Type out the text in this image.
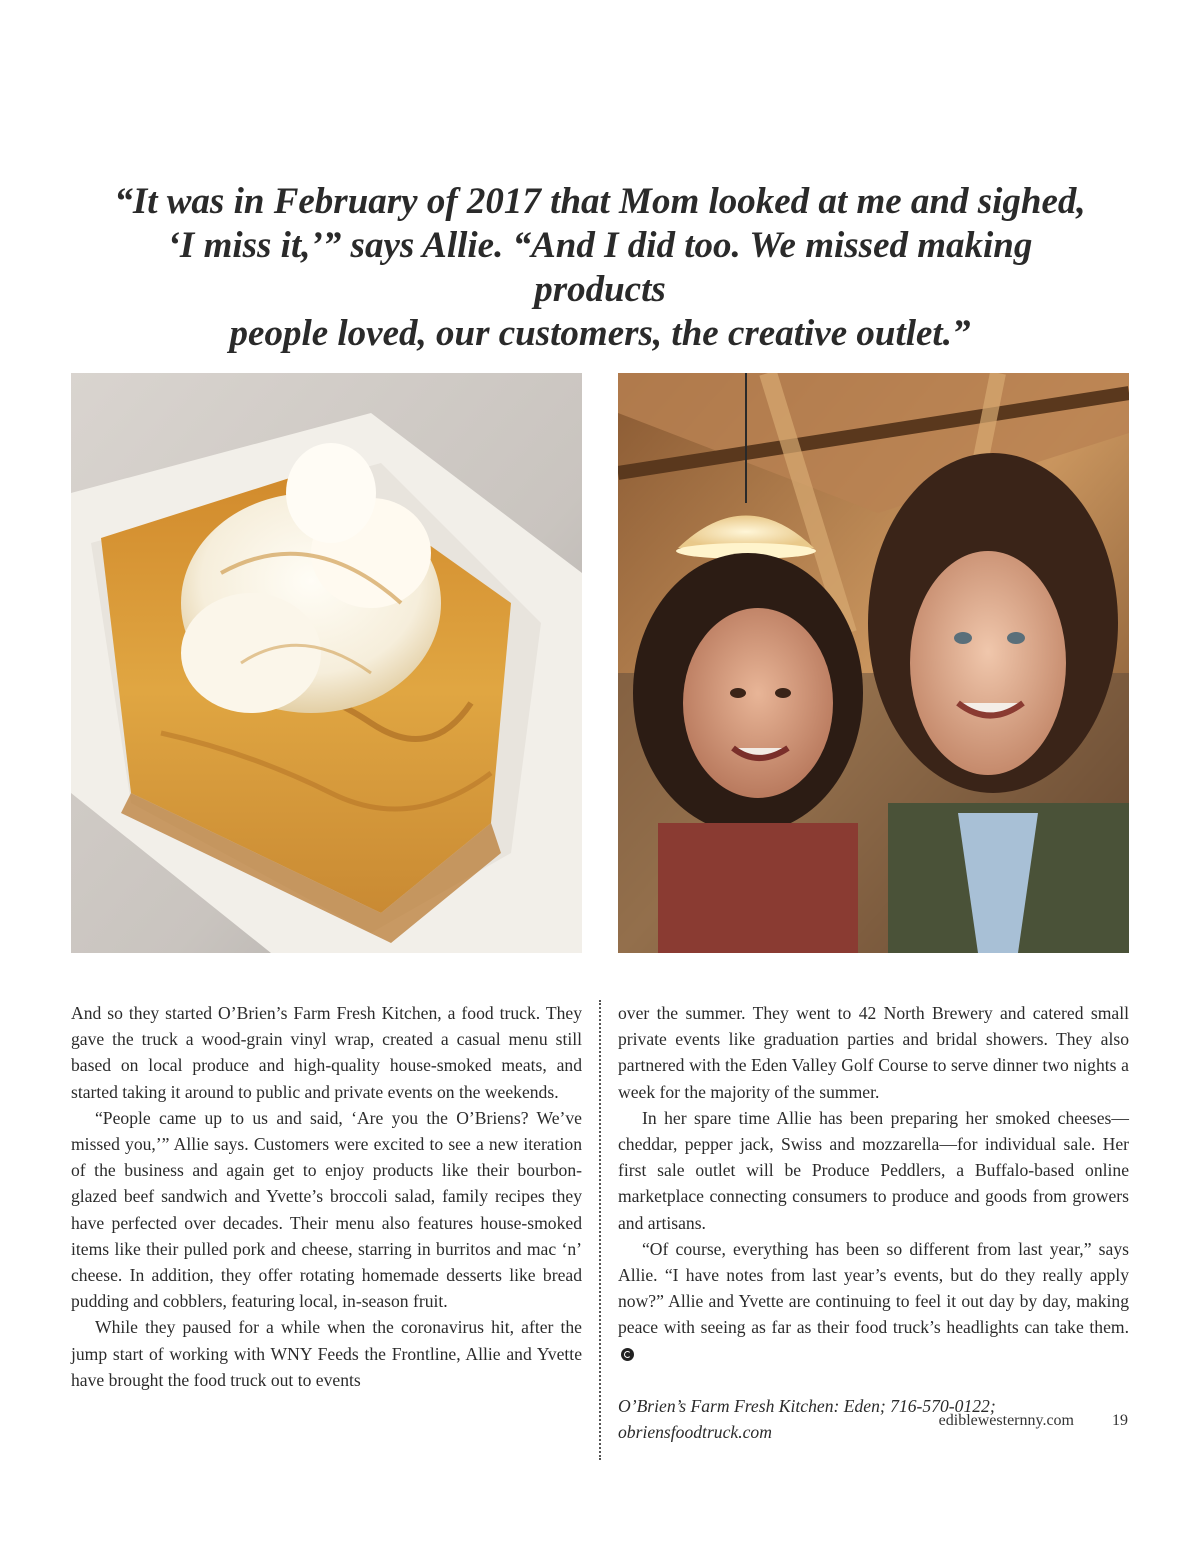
“It was in February of 2017 that Mom looked at me and sighed,
‘I miss it,’” says Allie. “And I did too. We missed making products
people loved, our customers, the creative outlet.”

And so they started O’Brien’s Farm Fresh Kitchen, a food truck. They gave the truck a wood-grain vinyl wrap, created a casual menu still based on local produce and high-quality house-smoked meats, and started taking it around to public and private events on the weekends.

“People came up to us and said, ‘Are you the O’Briens? We’ve missed you,’” Allie says. Customers were excited to see a new iteration of the business and again get to enjoy products like their bourbon-glazed beef sandwich and Yvette’s broccoli salad, family recipes they have perfected over decades. Their menu also features house-smoked items like their pulled pork and cheese, starring in burritos and mac ‘n’ cheese. In addition, they offer rotating homemade desserts like bread pudding and cobblers, featuring local, in-season fruit.

While they paused for a while when the coronavirus hit, after the jump start of working with WNY Feeds the Frontline, Allie and Yvette have brought the food truck out to events

over the summer. They went to 42 North Brewery and catered small private events like graduation parties and bridal showers. They also partnered with the Eden Valley Golf Course to serve dinner two nights a week for the majority of the summer.

In her spare time Allie has been preparing her smoked cheeses—cheddar, pepper jack, Swiss and mozzarella—for individual sale. Her first sale outlet will be Produce Peddlers, a Buffalo-based online marketplace connecting consumers to produce and goods from growers and artisans.

“Of course, everything has been so different from last year,” says Allie. “I have notes from last year’s events, but do they really apply now?” Allie and Yvette are continuing to feel it out day by day, making peace with seeing as far as their food truck’s headlights can take them.

O’Brien’s Farm Fresh Kitchen: Eden; 716-570-0122;
obriensfoodtruck.com
ediblewesternny.com 19
